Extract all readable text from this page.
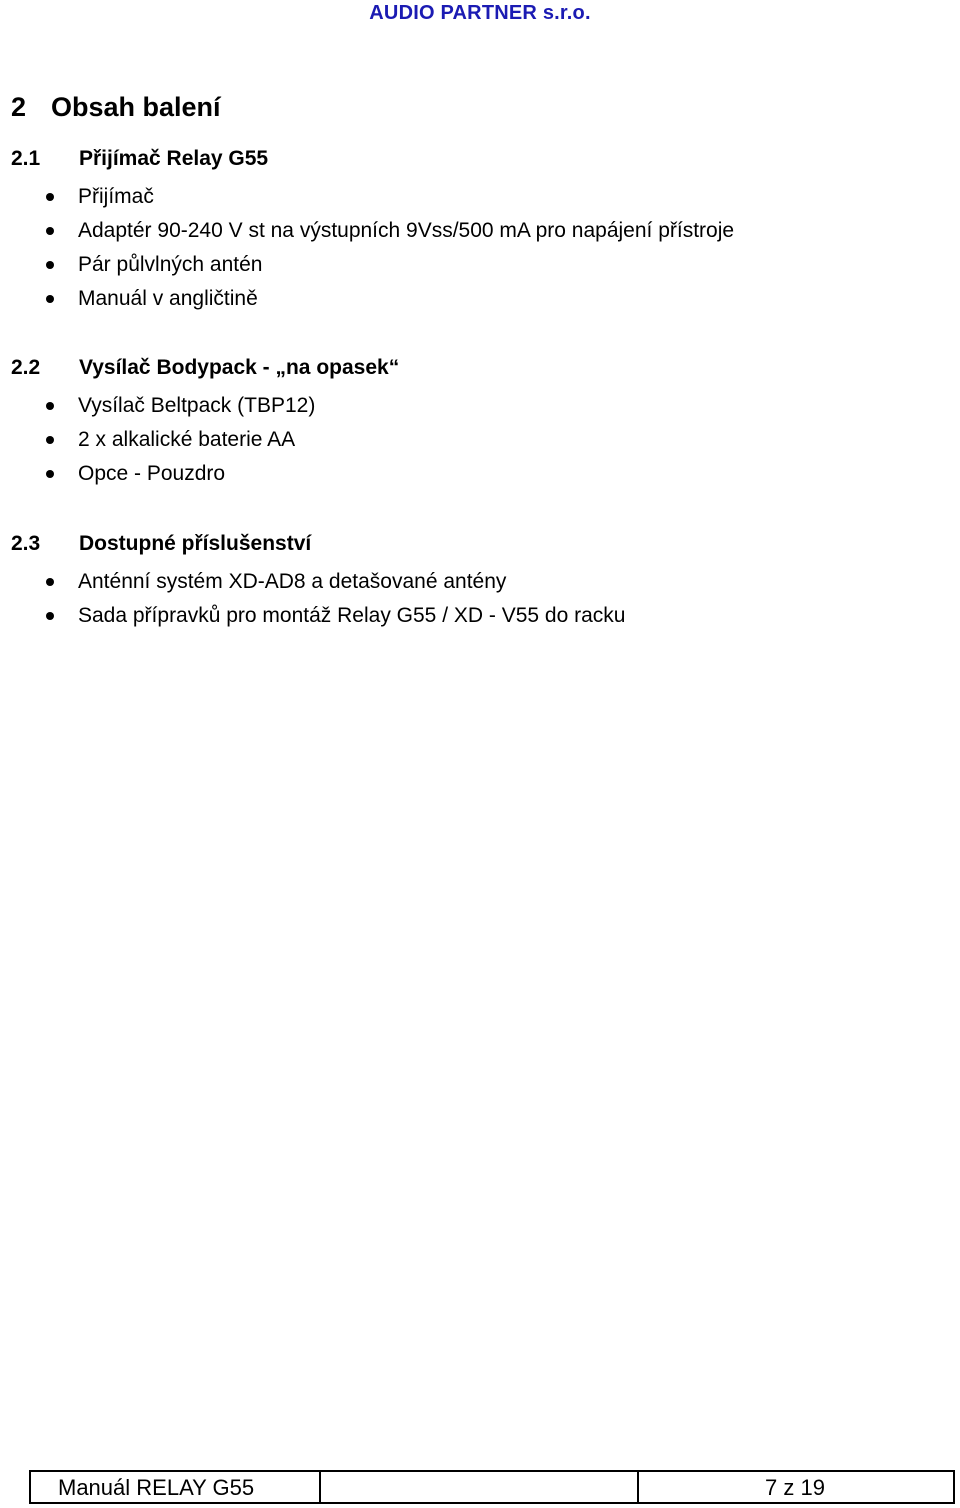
AUDIO PARTNER s.r.o.
2 Obsah balení
2.1 Přijímač Relay G55
Přijímač
Adaptér 90-240 V st na výstupních 9Vss/500 mA pro napájení přístroje
Pár půlvlných antén
Manuál v angličtině
2.2 Vysílač Bodypack - „na opasek“
Vysílač Beltpack (TBP12)
2 x alkalické baterie AA
Opce - Pouzdro
2.3 Dostupné příslušenství
Anténní systém XD-AD8 a detašované antény
Sada přípravků pro montáž Relay G55 / XD - V55 do racku
Manuál RELAY G55	7 z 19
